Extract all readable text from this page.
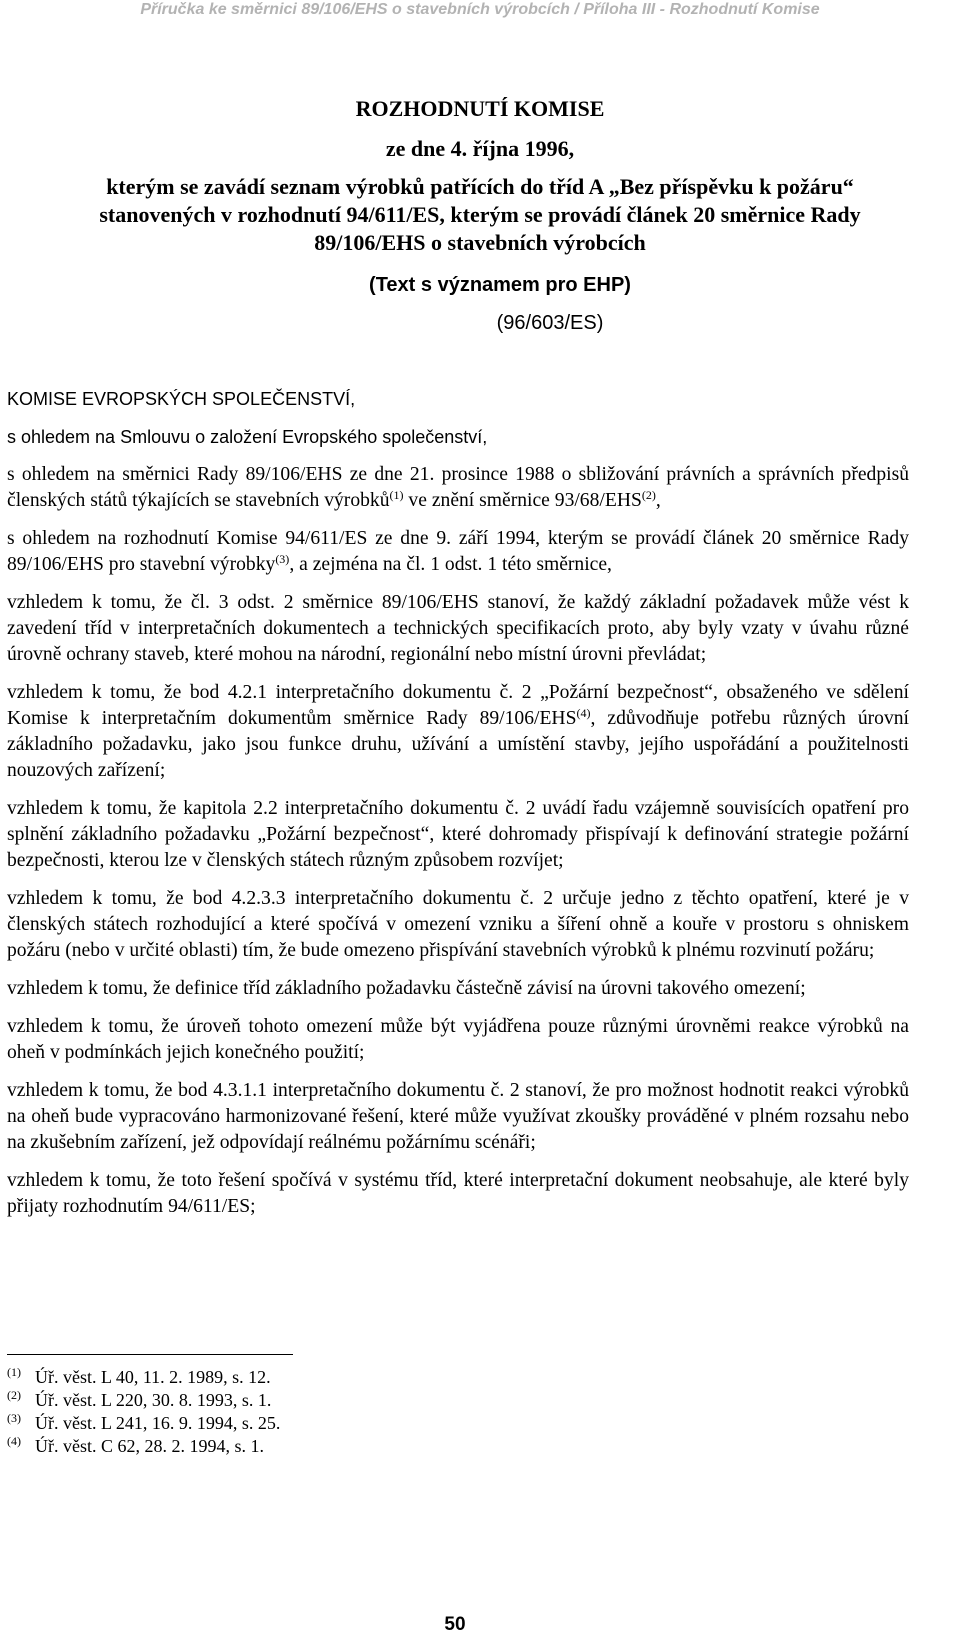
Příručka ke směrnici 89/106/EHS o stavebních výrobcích / Příloha III - Rozhodnutí Komise
ROZHODNUTÍ KOMISE
ze dne 4. října 1996,
kterým se zavádí seznam výrobků patřících do tříd A „Bez příspěvku k požáru“
stanovených v rozhodnutí 94/611/ES, kterým se provádí článek 20 směrnice Rady
89/106/EHS o stavebních výrobcích
(Text s významem pro EHP)
(96/603/ES)

KOMISE EVROPSKÝCH SPOLEČENSTVÍ,

s ohledem na Smlouvu o založení Evropského společenství,

s ohledem na směrnici Rady 89/106/EHS ze dne 21. prosince 1988 o sbližování právních a správních předpisů členských států týkajících se stavebních výrobků$^{(1)}$ ve znění směrnice 93/68/EHS$^{(2)}$,

s ohledem na rozhodnutí Komise 94/611/ES ze dne 9. září 1994, kterým se provádí článek 20 směrnice Rady 89/106/EHS pro stavební výrobky$^{(3)}$, a zejména na čl. 1 odst. 1 této směrnice,

vzhledem k tomu, že čl. 3 odst. 2 směrnice 89/106/EHS stanoví, že každý základní požadavek může vést k zavedení tříd v interpretačních dokumentech a technických specifikacích proto, aby byly vzaty v úvahu různé úrovně ochrany staveb, které mohou na národní, regionální nebo místní úrovni převládat;

vzhledem k tomu, že bod 4.2.1 interpretačního dokumentu č. 2 „Požární bezpečnost“, obsaženého ve sdělení Komise k interpretačním dokumentům směrnice Rady 89/106/EHS$^{(4)}$, zdůvodňuje potřebu různých úrovní základního požadavku, jako jsou funkce druhu, užívání a umístění stavby, jejího uspořádání a použitelnosti nouzových zařízení;

vzhledem k tomu, že kapitola 2.2 interpretačního dokumentu č. 2 uvádí řadu vzájemně souvisících opatření pro splnění základního požadavku „Požární bezpečnost“, které dohromady přispívají k definování strategie požární bezpečnosti, kterou lze v členských státech různým způsobem rozvíjet;

vzhledem k tomu, že bod 4.2.3.3 interpretačního dokumentu č. 2 určuje jedno z těchto opatření, které je v členských státech rozhodující a které spočívá v omezení vzniku a šíření ohně a kouře v prostoru s ohniskem požáru (nebo v určité oblasti) tím, že bude omezeno přispívání stavebních výrobků k plnému rozvinutí požáru;

vzhledem k tomu, že definice tříd základního požadavku částečně závisí na úrovni takového omezení;

vzhledem k tomu, že úroveň tohoto omezení může být vyjádřena pouze různými úrovněmi reakce výrobků na oheň v podmínkách jejich konečného použití;

vzhledem k tomu, že bod 4.3.1.1 interpretačního dokumentu č. 2 stanoví, že pro možnost hodnotit reakci výrobků na oheň bude vypracováno harmonizované řešení, které může využívat zkoušky prováděné v plném rozsahu nebo na zkušebním zařízení, jež odpovídají reálnému požárnímu scénáři;

vzhledem k tomu, že toto řešení spočívá v systému tříd, které interpretační dokument neobsahuje, ale které byly přijaty rozhodnutím 94/611/ES;

(1) Úř. věst. L 40, 11. 2. 1989, s. 12.
(2) Úř. věst. L 220, 30. 8. 1993, s. 1.
(3) Úř. věst. L 241, 16. 9. 1994, s. 25.
(4) Úř. věst. C 62, 28. 2. 1994, s. 1.
50
